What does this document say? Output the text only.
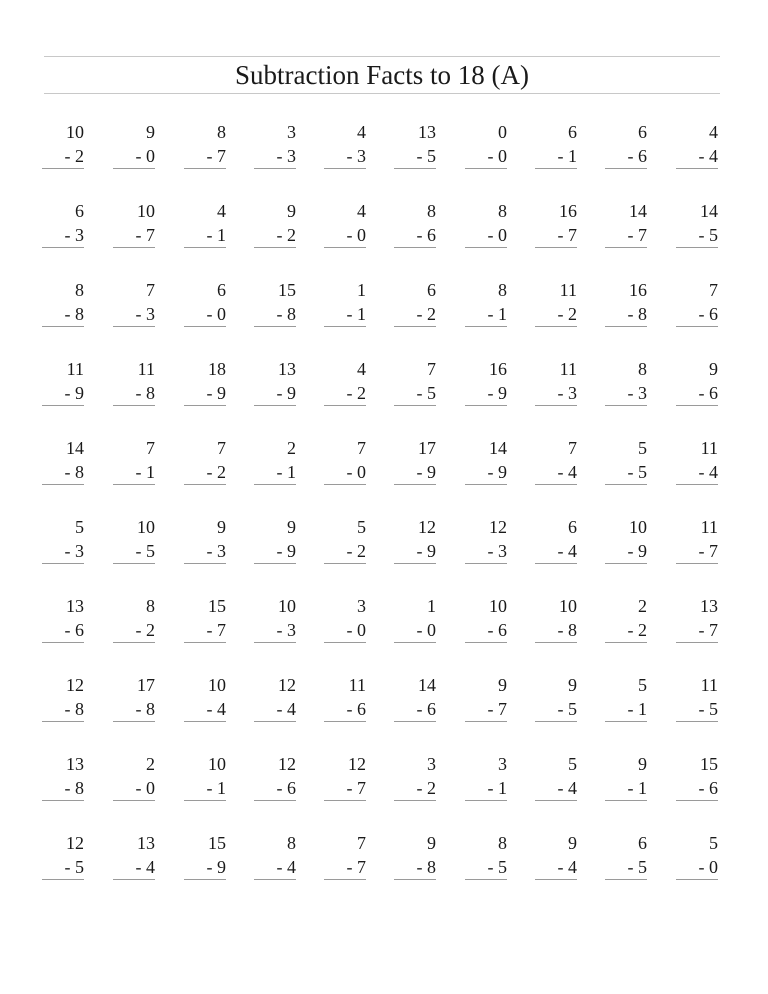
Subtraction Facts to 18 (A)
10
- 2
9
- 0
8
- 7
3
- 3
4
- 3
13
- 5
0
- 0
6
- 1
6
- 6
4
- 4
6
- 3
10
- 7
4
- 1
9
- 2
4
- 0
8
- 6
8
- 0
16
- 7
14
- 7
14
- 5
8
- 8
7
- 3
6
- 0
15
- 8
1
- 1
6
- 2
8
- 1
11
- 2
16
- 8
7
- 6
11
- 9
11
- 8
18
- 9
13
- 9
4
- 2
7
- 5
16
- 9
11
- 3
8
- 3
9
- 6
14
- 8
7
- 1
7
- 2
2
- 1
7
- 0
17
- 9
14
- 9
7
- 4
5
- 5
11
- 4
5
- 3
10
- 5
9
- 3
9
- 9
5
- 2
12
- 9
12
- 3
6
- 4
10
- 9
11
- 7
13
- 6
8
- 2
15
- 7
10
- 3
3
- 0
1
- 0
10
- 6
10
- 8
2
- 2
13
- 7
12
- 8
17
- 8
10
- 4
12
- 4
11
- 6
14
- 6
9
- 7
9
- 5
5
- 1
11
- 5
13
- 8
2
- 0
10
- 1
12
- 6
12
- 7
3
- 2
3
- 1
5
- 4
9
- 1
15
- 6
12
- 5
13
- 4
15
- 9
8
- 4
7
- 7
9
- 8
8
- 5
9
- 4
6
- 5
5
- 0
